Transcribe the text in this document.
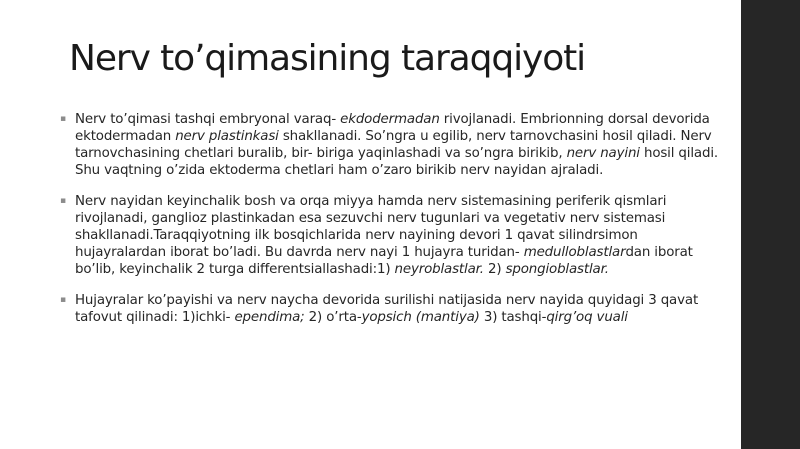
Nerv to’qimasining taraqqiyoti
▪ Nerv to’qimasi tashqi embryonal varaq- ekdodermadan rivojlanadi. Embrionning dorsal devorida ektodermadan nerv plastinkasi shakllanadi. So’ngra u egilib, nerv tarnovchasini hosil qiladi. Nerv tarnovchasining chetlari buralib, bir- biriga yaqinlashadi va so’ngra birikib, nerv nayini hosil qiladi. Shu vaqtning o’zida ektoderma chetlari ham o’zaro birikib nerv nayidan ajraladi.
▪ Nerv nayidan keyinchalik bosh va orqa miyya hamda nerv sistemasining periferik qismlari rivojlanadi, ganglioz plastinkadan esa sezuvchi nerv tugunlari va vegetativ nerv sistemasi shakllanadi.Taraqqiyotning ilk bosqichlarida nerv nayining devori 1 qavat silindrsimon hujayralardan iborat bo’ladi. Bu davrda nerv nayi 1 hujayra turidan- medulloblastlardan iborat bo’lib, keyinchalik 2 turga differentsiallashadi:1) neyroblastlar. 2) spongioblastlar.
▪ Hujayralar ko’payishi va nerv naycha devorida surilishi natijasida nerv nayida quyidagi 3 qavat tafovut qilinadi: 1)ichki- ependima; 2) o’rta-yopsich (mantiya) 3) tashqi-qirg’oq vuali
